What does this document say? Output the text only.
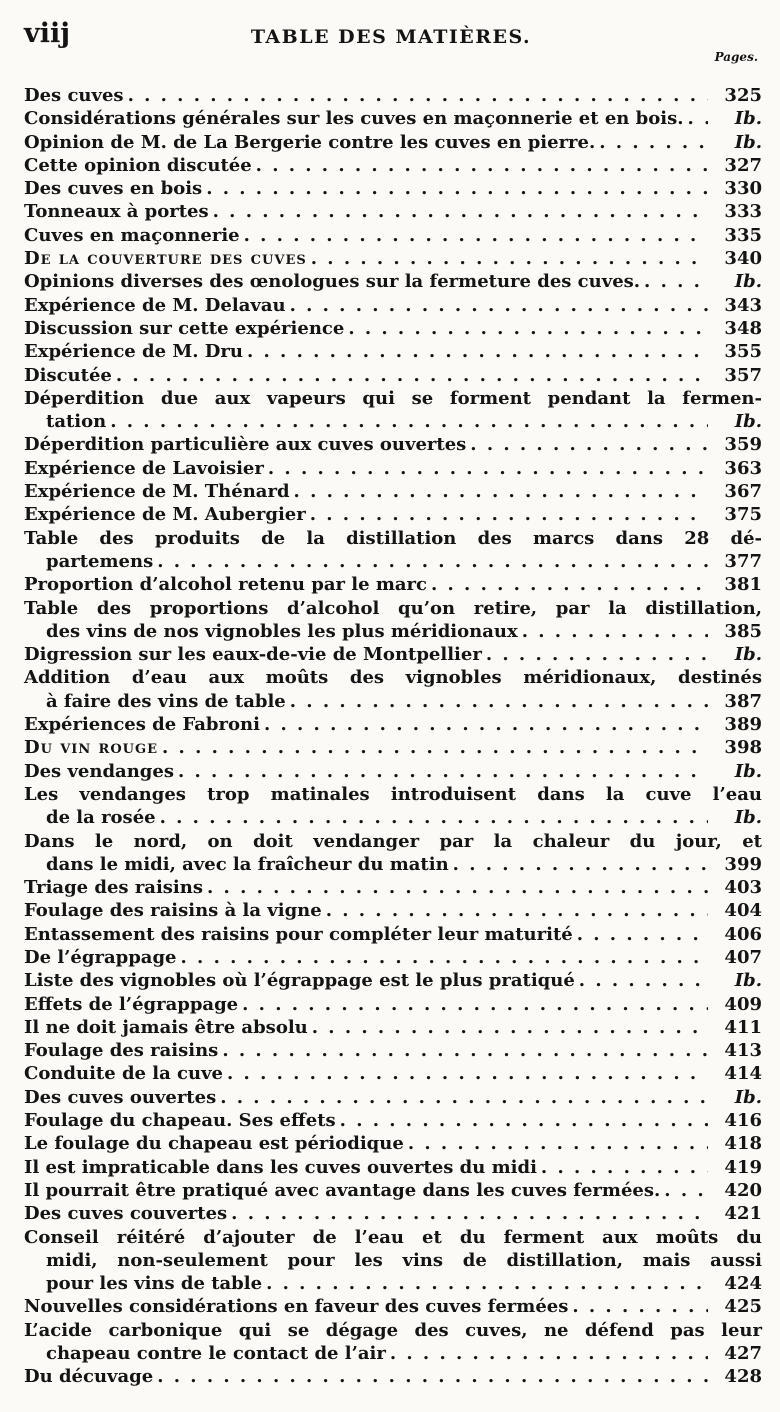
viij	TABLE DES MATIÈRES.
Pages.
Des cuves . . .	325
Considérations générales sur les cuves en maçonnerie et en bois. . . .	Ib.
Opinion de M. de La Bergerie contre les cuves en pierre. . . .	Ib.
Cette opinion discutée . . .	327
Des cuves en bois . . .	330
Tonneaux à portes . . .	333
Cuves en maçonnerie . . .	335
De la couverture des cuves . . .	340
Opinions diverses des œnologues sur la fermeture des cuves. . . .	Ib.
Expérience de M. Delavau . . .	343
Discussion sur cette expérience . . .	348
Expérience de M. Dru . . .	355
Discutée . . .	357
Déperdition due aux vapeurs qui se forment pendant la fermen-
tation . . .	Ib.
Déperdition particulière aux cuves ouvertes . . .	359
Expérience de Lavoisier . . .	363
Expérience de M. Thénard . . .	367
Expérience de M. Aubergier . . .	375
Table des produits de la distillation des marcs dans 28 dé-
partemens . . .	377
Proportion d’alcohol retenu par le marc . . .	381
Table des proportions d’alcohol qu’on retire, par la distillation,
des vins de nos vignobles les plus méridionaux . . .	385
Digression sur les eaux-de-vie de Montpellier . . .	Ib.
Addition d’eau aux moûts des vignobles méridionaux, destinés
à faire des vins de table . . .	387
Expériences de Fabroni . . .	389
Du vin rouge . . .	398
Des vendanges . . .	Ib.
Les vendanges trop matinales introduisent dans la cuve l’eau
de la rosée . . .	Ib.
Dans le nord, on doit vendanger par la chaleur du jour, et
dans le midi, avec la fraîcheur du matin . . .	399
Triage des raisins . . .	403
Foulage des raisins à la vigne . . .	404
Entassement des raisins pour compléter leur maturité . . .	406
De l’égrappage . . .	407
Liste des vignobles où l’égrappage est le plus pratiqué . . .	Ib.
Effets de l’égrappage . . .	409
Il ne doit jamais être absolu . . .	411
Foulage des raisins . . .	413
Conduite de la cuve . . .	414
Des cuves ouvertes . . .	Ib.
Foulage du chapeau. Ses effets . . .	416
Le foulage du chapeau est périodique . . .	418
Il est impraticable dans les cuves ouvertes du midi . . .	419
Il pourrait être pratiqué avec avantage dans les cuves fermées. . . .	420
Des cuves couvertes . . .	421
Conseil réitéré d’ajouter de l’eau et du ferment aux moûts du
midi, non-seulement pour les vins de distillation, mais aussi
pour les vins de table . . .	424
Nouvelles considérations en faveur des cuves fermées . . .	425
L’acide carbonique qui se dégage des cuves, ne défend pas leur
chapeau contre le contact de l’air . . .	427
Du décuvage . . .	428
